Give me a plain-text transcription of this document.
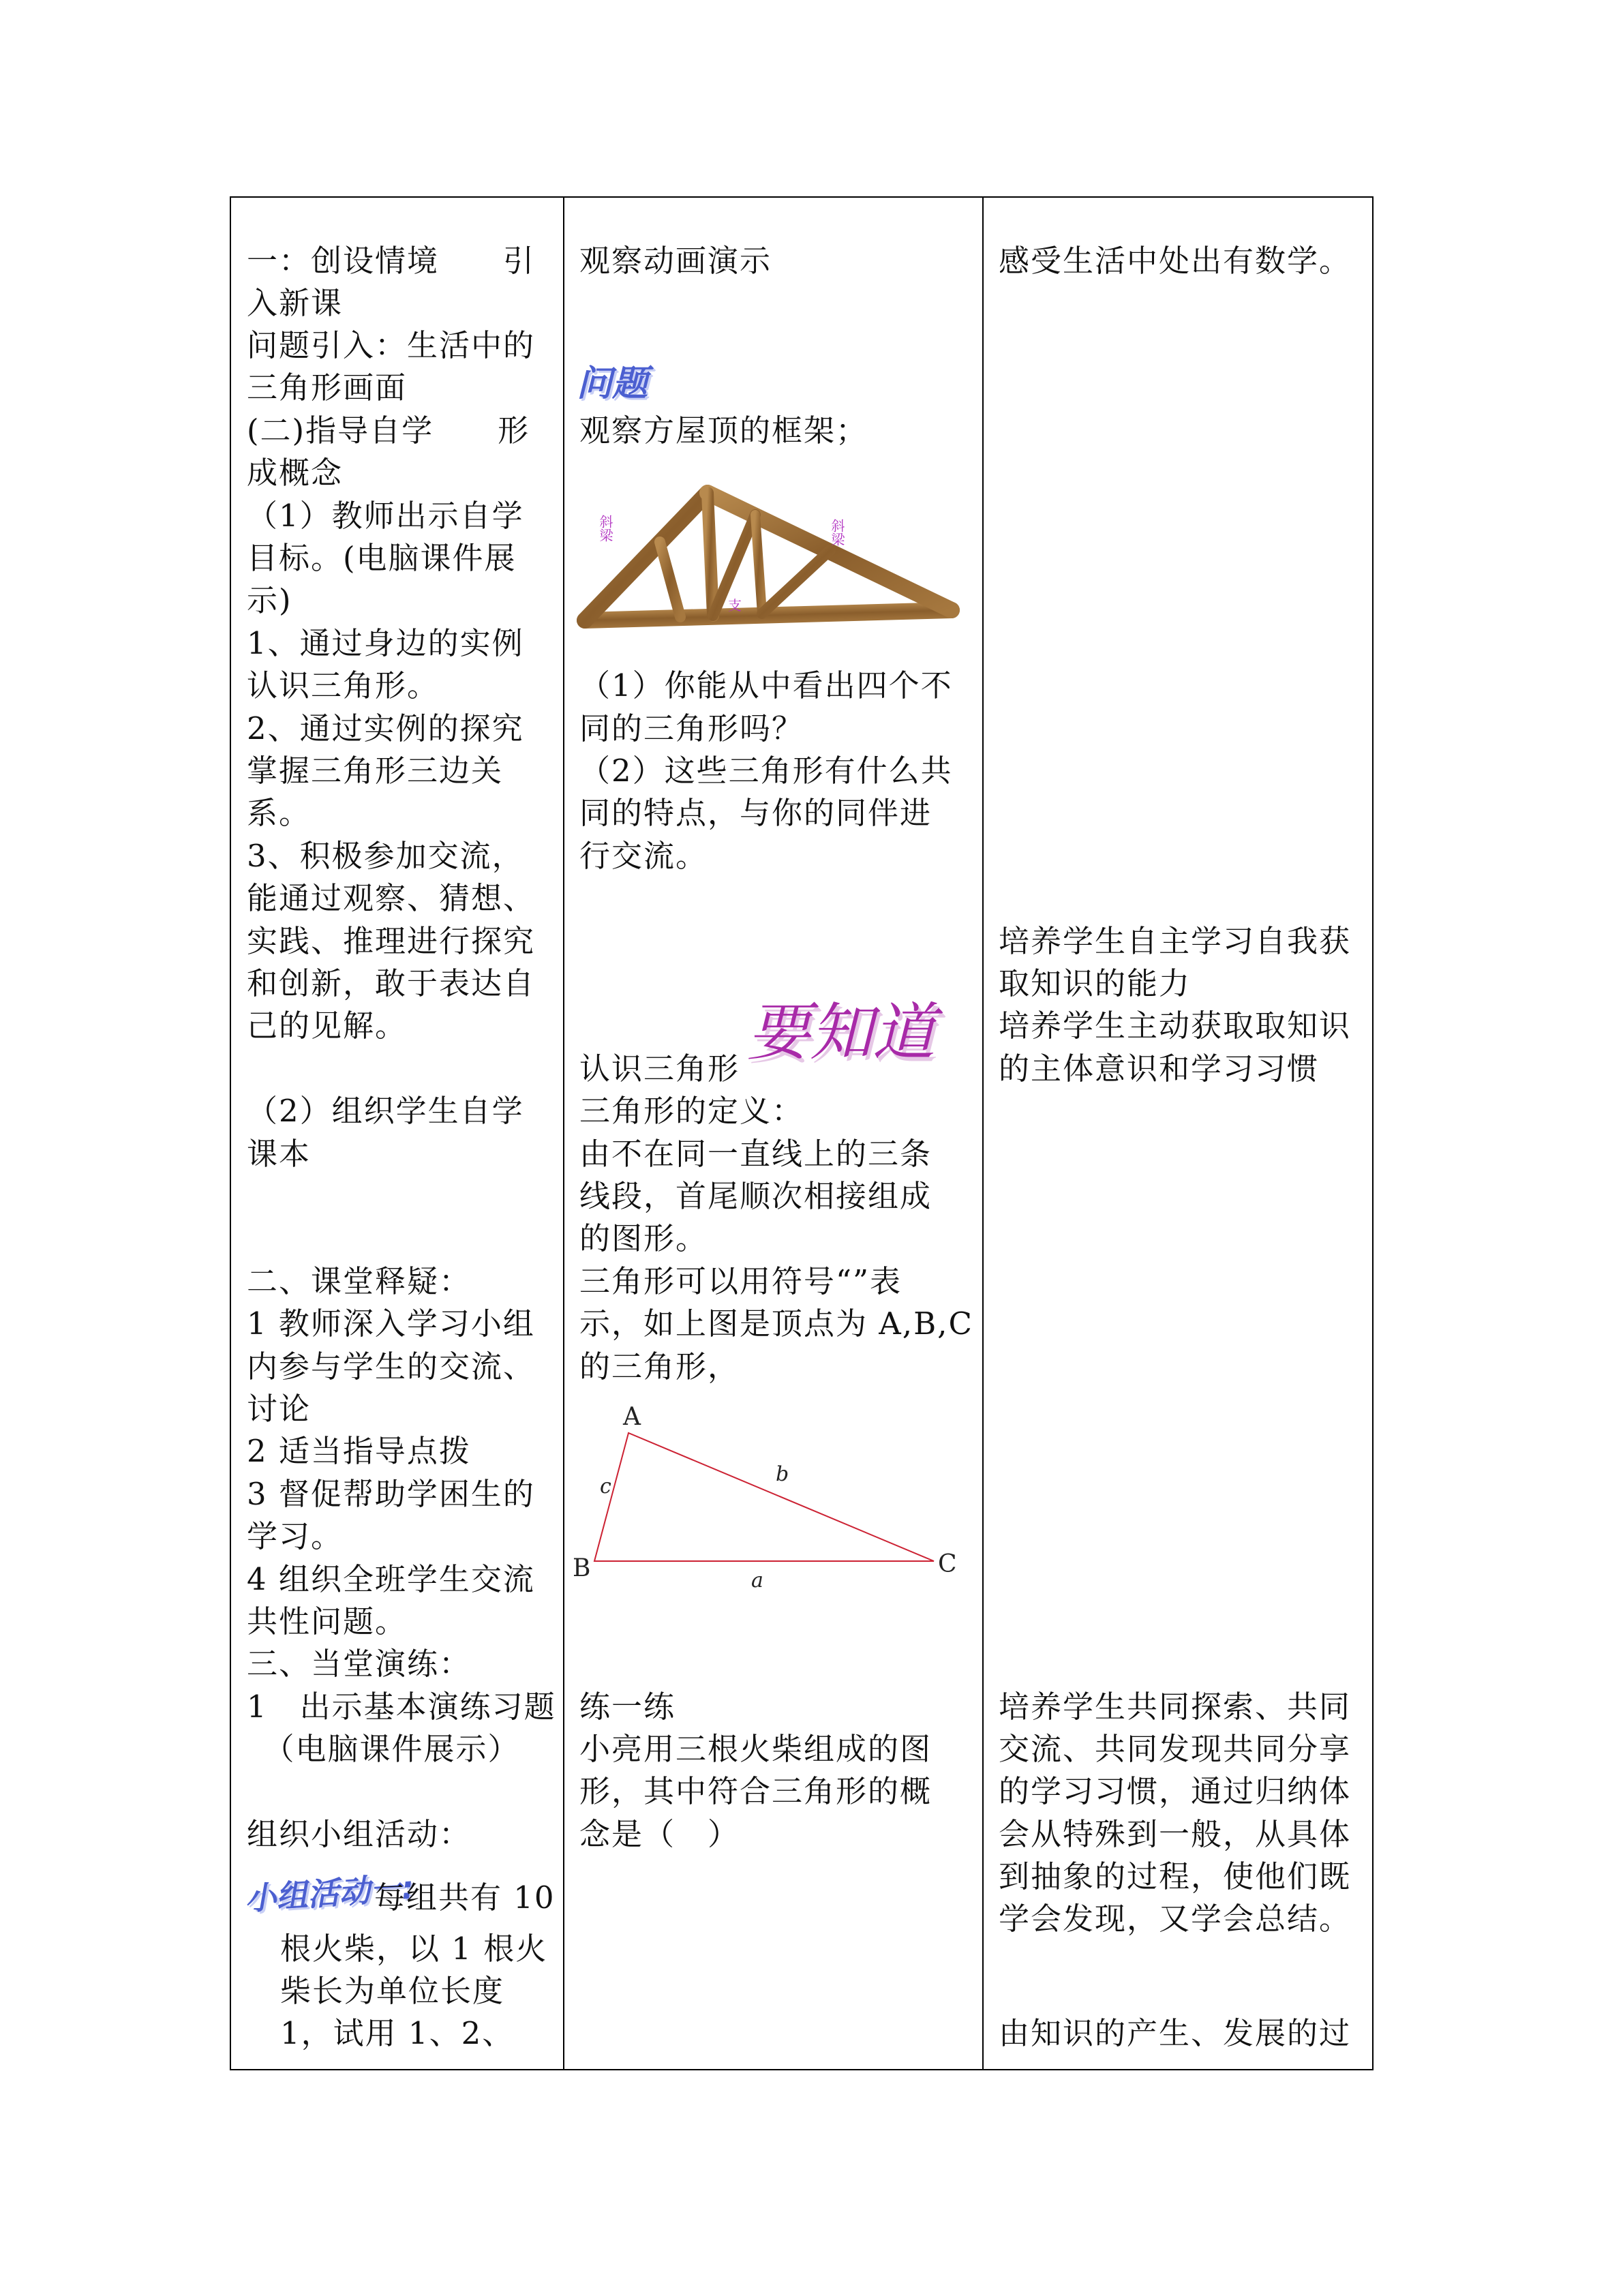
一：创设情境　　引

入新课

问题引入：生活中的

三角形画面

(二)指导自学　　形

成概念

（1）教师出示自学

目标。(电脑课件展

示)

1、通过身边的实例

认识三角形。

2、通过实例的探究

掌握三角形三边关

系。

3、积极参加交流，

能通过观察、猜想、

实践、推理进行探究

和创新，敢于表达自

己的见解。

（2）组织学生自学

课本

二、课堂释疑：

1 教师深入学习小组

内参与学生的交流、

讨论

2 适当指导点拨

3 督促帮助学困生的

学习。

4 组织全班学生交流

共性问题。

三、当堂演练：

1　出示基本演练习题

　（电脑课件展示）

组织小组活动：

小组活动一:

每组共有 10

根火柴，以 1 根火

柴长为单位长度

1，试用 1、2、

观察动画演示

问题

观察方屋顶的框架；

斜梁	斜梁
支

（1）你能从中看出四个不

同的三角形吗？

（2）这些三角形有什么共

同的特点，与你的同伴进

行交流。

认识三角形 要知道

三角形的定义：

由不在同一直线上的三条

线段，首尾顺次相接组成

的图形。

三角形可以用符号“”表

示，如上图是顶点为 A,B,C

的三角形，

A
B	C
a
b
c

练一练

小亮用三根火柴组成的图

形，其中符合三角形的概

念是（　）

感受生活中处出有数学。

培养学生自主学习自我获

取知识的能力

培养学生主动获取取知识

的主体意识和学习习惯

培养学生共同探索、共同

交流、共同发现共同分享

的学习习惯，通过归纳体

会从特殊到一般，从具体

到抽象的过程，使他们既

学会发现，又学会总结。

由知识的产生、发展的过
